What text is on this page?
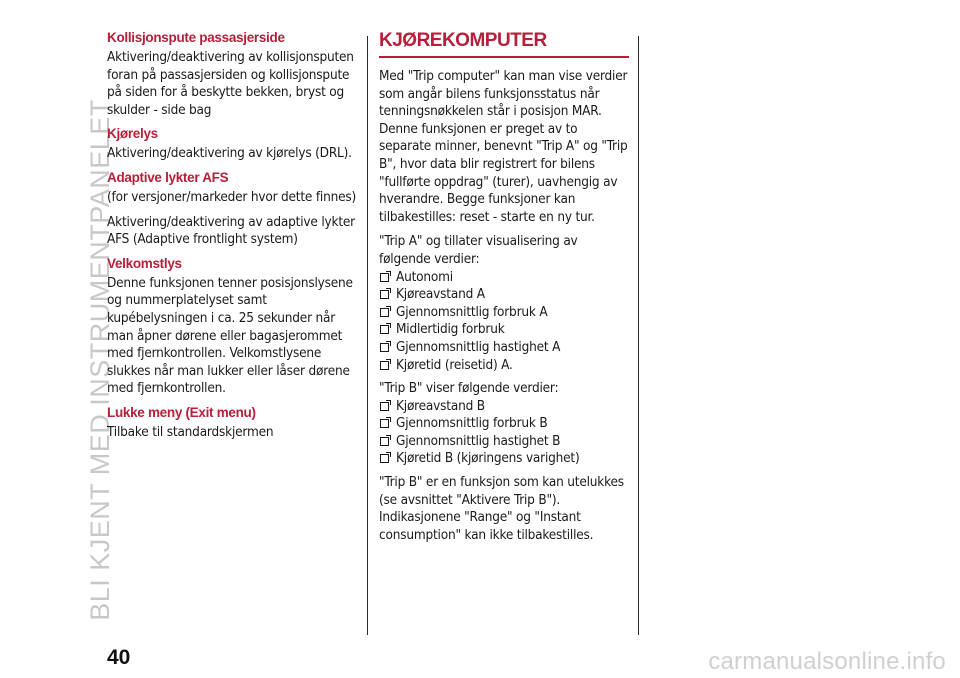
BLI KJENT MED INSTRUMENTPANELET
Kollisjonspute passasjerside

Aktivering/deaktivering av kollisjonsputen foran på passasjersiden og kollisjonspute på siden for å beskytte bekken, bryst og skulder - side bag

Kjørelys

Aktivering/deaktivering av kjørelys (DRL).

Adaptive lykter AFS

(for versjoner/markeder hvor dette finnes)

Aktivering/deaktivering av adaptive lykter AFS (Adaptive frontlight system)

Velkomstlys

Denne funksjonen tenner posisjonslysene og nummerplatelyset samt kupébelysningen i ca. 25 sekunder når man åpner dørene eller bagasjerommet med fjernkontrollen. Velkomstlysene slukkes når man lukker eller låser dørene med fjernkontrollen.

Lukke meny (Exit menu)

Tilbake til standardskjermen

KJØREKOMPUTER

Med "Trip computer" kan man vise verdier som angår bilens funksjonsstatus når tenningsnøkkelen står i posisjon MAR. Denne funksjonen er preget av to separate minner, benevnt "Trip A" og "Trip B", hvor data blir registrert for bilens "fullførte oppdrag" (turer), uavhengig av hverandre. Begge funksjoner kan tilbakestilles: reset - starte en ny tur.

"Trip A" og tillater visualisering av følgende verdier:

Autonomi
Kjøreavstand A
Gjennomsnittlig forbruk A
Midlertidig forbruk
Gjennomsnittlig hastighet A
Kjøretid (reisetid) A.

"Trip B" viser følgende verdier:

Kjøreavstand B
Gjennomsnittlig forbruk B
Gjennomsnittlig hastighet B
Kjøretid B (kjøringens varighet)

"Trip B" er en funksjon som kan utelukkes (se avsnittet "Aktivere Trip B"). Indikasjonene "Range" og "Instant consumption" kan ikke tilbakestilles.

40	carmanualsonline.info
